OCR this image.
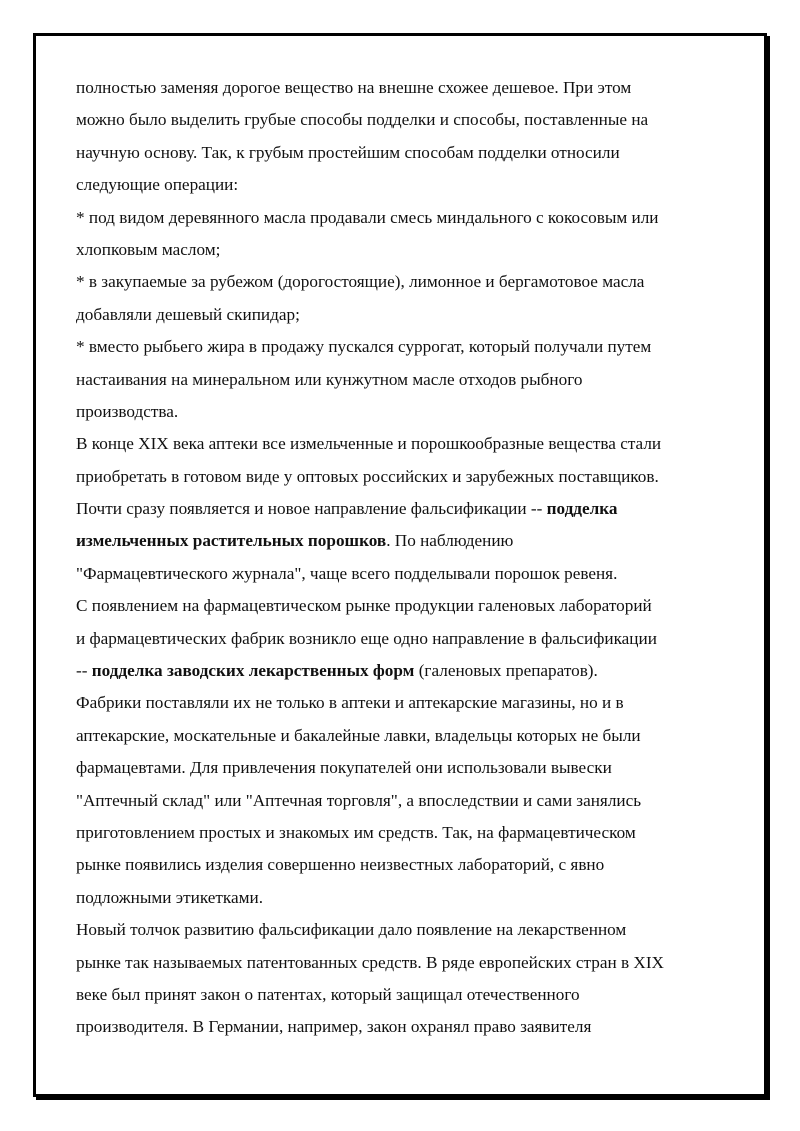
полностью заменяя дорогое вещество на внешне схожее дешевое. При этом
можно было выделить грубые способы подделки и способы, поставленные на
научную основу. Так, к грубым простейшим способам подделки относили
следующие операции:
* под видом деревянного масла продавали смесь миндального с кокосовым или
хлопковым маслом;
* в закупаемые за рубежом (дорогостоящие), лимонное и бергамотовое масла
добавляли дешевый скипидар;
* вместо рыбьего жира в продажу пускался суррогат, который получали путем
настаивания на минеральном или кунжутном масле отходов рыбного
производства.
В конце XIX века аптеки все измельченные и порошкообразные вещества стали
приобретать в готовом виде у оптовых российских и зарубежных поставщиков.
Почти сразу появляется и новое направление фальсификации -- подделка
измельченных растительных порошков. По наблюдению
"Фармацевтического журнала", чаще всего подделывали порошок ревеня.
С появлением на фармацевтическом рынке продукции галеновых лабораторий
и фармацевтических фабрик возникло еще одно направление в фальсификации
-- подделка заводских лекарственных форм (галеновых препаратов).
Фабрики поставляли их не только в аптеки и аптекарские магазины, но и в
аптекарские, москательные и бакалейные лавки, владельцы которых не были
фармацевтами. Для привлечения покупателей они использовали вывески
"Аптечный склад" или "Аптечная торговля", а впоследствии и сами занялись
приготовлением простых и знакомых им средств. Так, на фармацевтическом
рынке появились изделия совершенно неизвестных лабораторий, с явно
подложными этикетками.
Новый толчок развитию фальсификации дало появление на лекарственном
рынке так называемых патентованных средств. В ряде европейских стран в XIX
веке был принят закон о патентах, который защищал отечественного
производителя. В Германии, например, закон охранял право заявителя
